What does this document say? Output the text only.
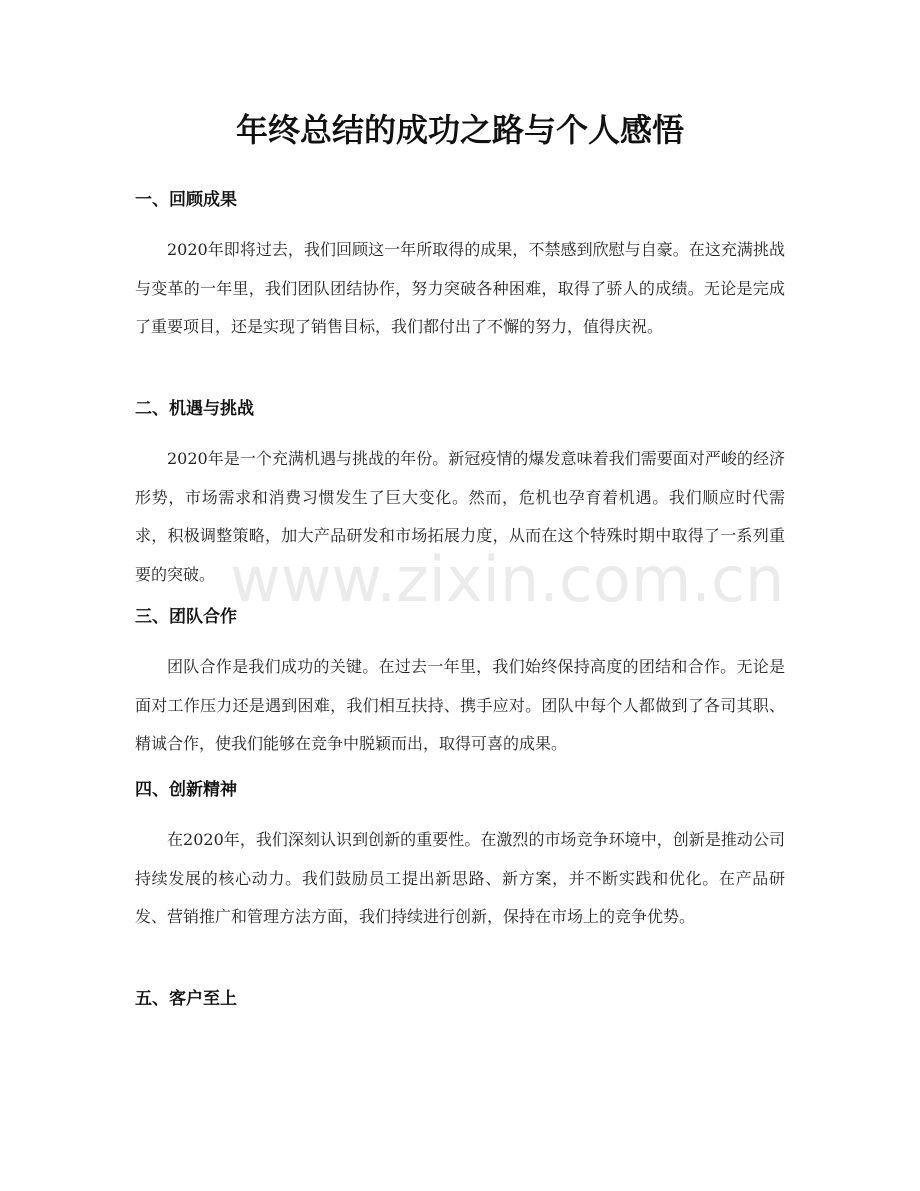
年终总结的成功之路与个人感悟
一、回顾成果

2020年即将过去，我们回顾这一年所取得的成果，不禁感到欣慰与自豪。在这充满挑战与变革的一年里，我们团队团结协作，努力突破各种困难，取得了骄人的成绩。无论是完成了重要项目，还是实现了销售目标，我们都付出了不懈的努力，值得庆祝。

二、机遇与挑战

2020年是一个充满机遇与挑战的年份。新冠疫情的爆发意味着我们需要面对严峻的经济形势，市场需求和消费习惯发生了巨大变化。然而，危机也孕育着机遇。我们顺应时代需求，积极调整策略，加大产品研发和市场拓展力度，从而在这个特殊时期中取得了一系列重要的突破。

三、团队合作

团队合作是我们成功的关键。在过去一年里，我们始终保持高度的团结和合作。无论是面对工作压力还是遇到困难，我们相互扶持、携手应对。团队中每个人都做到了各司其职、精诚合作，使我们能够在竞争中脱颖而出，取得可喜的成果。

四、创新精神

在2020年，我们深刻认识到创新的重要性。在激烈的市场竞争环境中，创新是推动公司持续发展的核心动力。我们鼓励员工提出新思路、新方案，并不断实践和优化。在产品研发、营销推广和管理方法方面，我们持续进行创新，保持在市场上的竞争优势。

五、客户至上
www.zixin.com.cn
